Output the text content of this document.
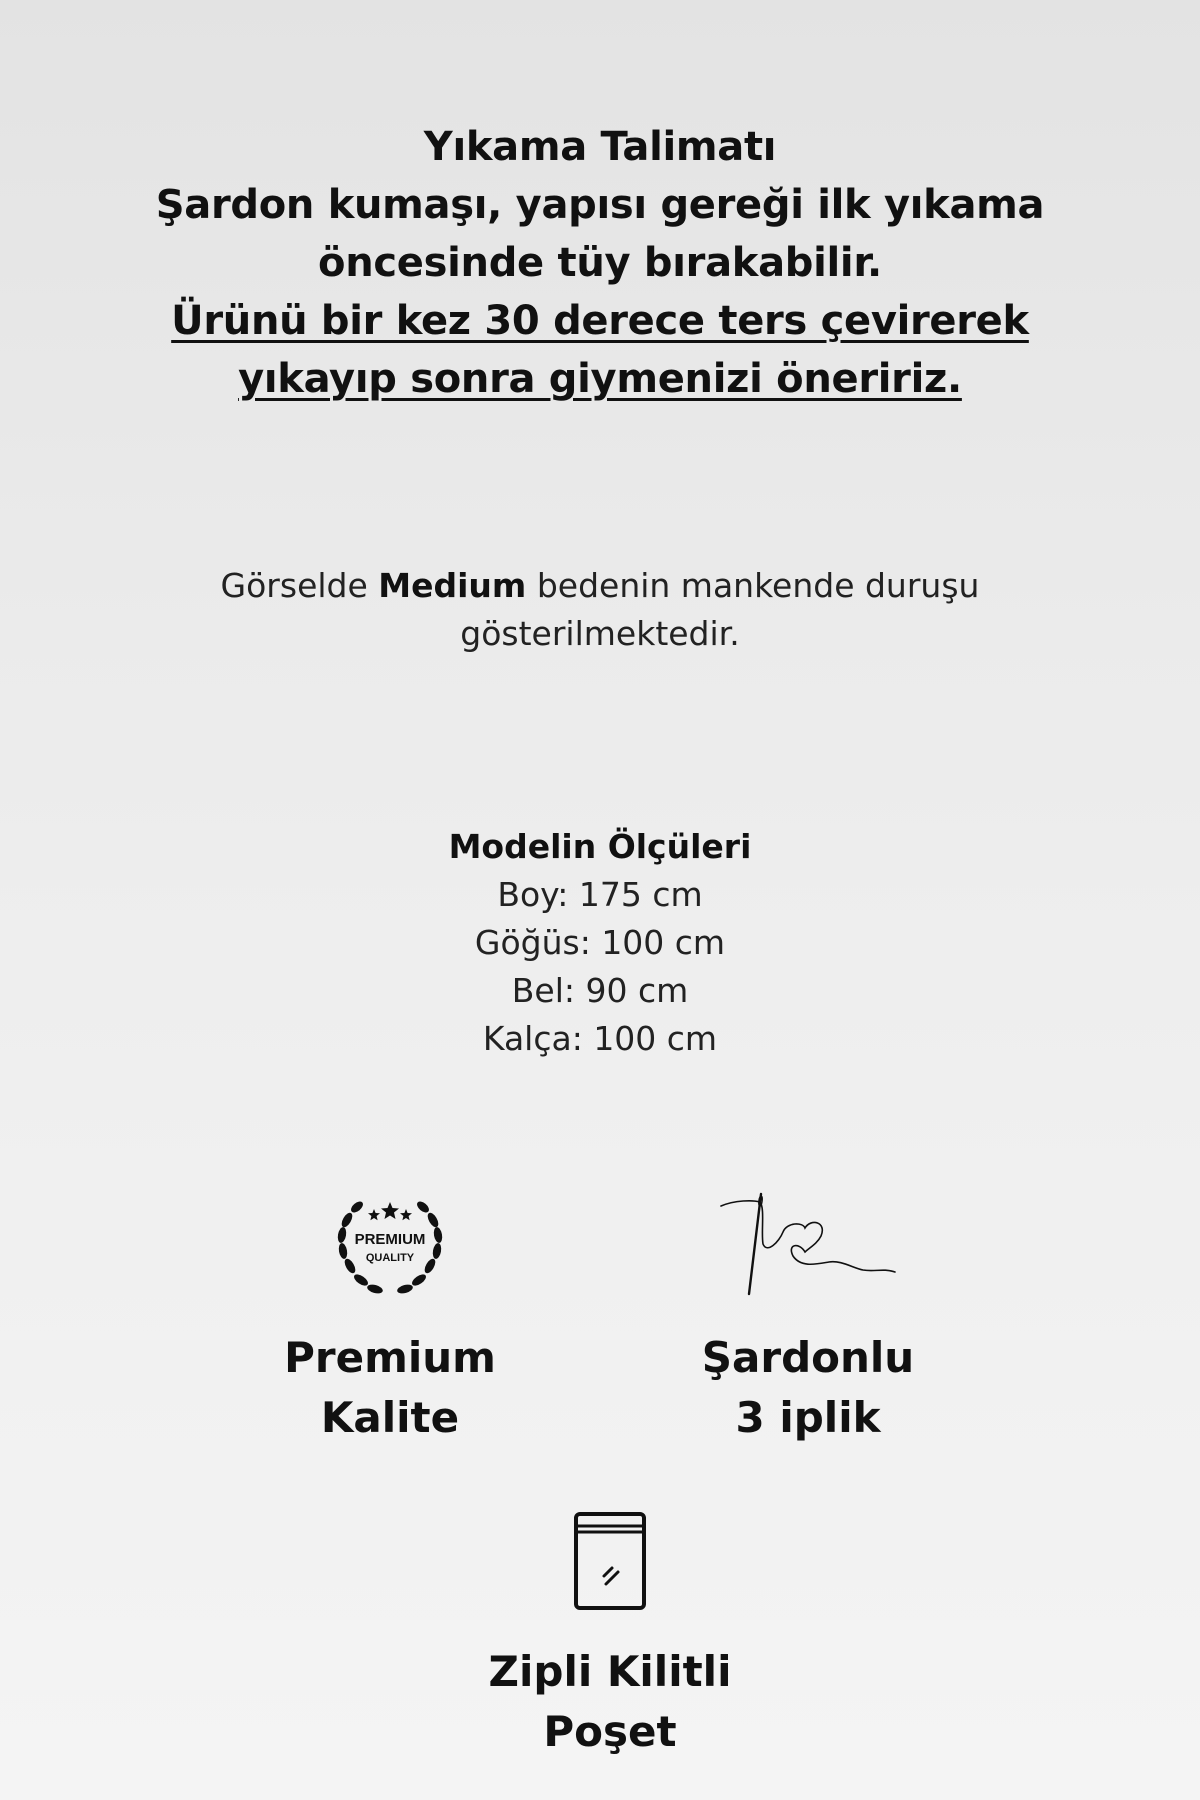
Yıkama Talimatı
Şardon kumaşı, yapısı gereği ilk yıkama
öncesinde tüy bırakabilir.
Ürünü bir kez 30 derece ters çevirerek
yıkayıp sonra giymenizi öneririz.
Görselde Medium bedenin mankende duruşu
gösterilmektedir.
Modelin Ölçüleri
Boy: 175 cm
Göğüs: 100 cm
Bel: 90 cm
Kalça: 100 cm
PREMIUM
QUALITY
Premium
Kalite
Şardonlu
3 iplik
Zipli Kilitli
Poşet
